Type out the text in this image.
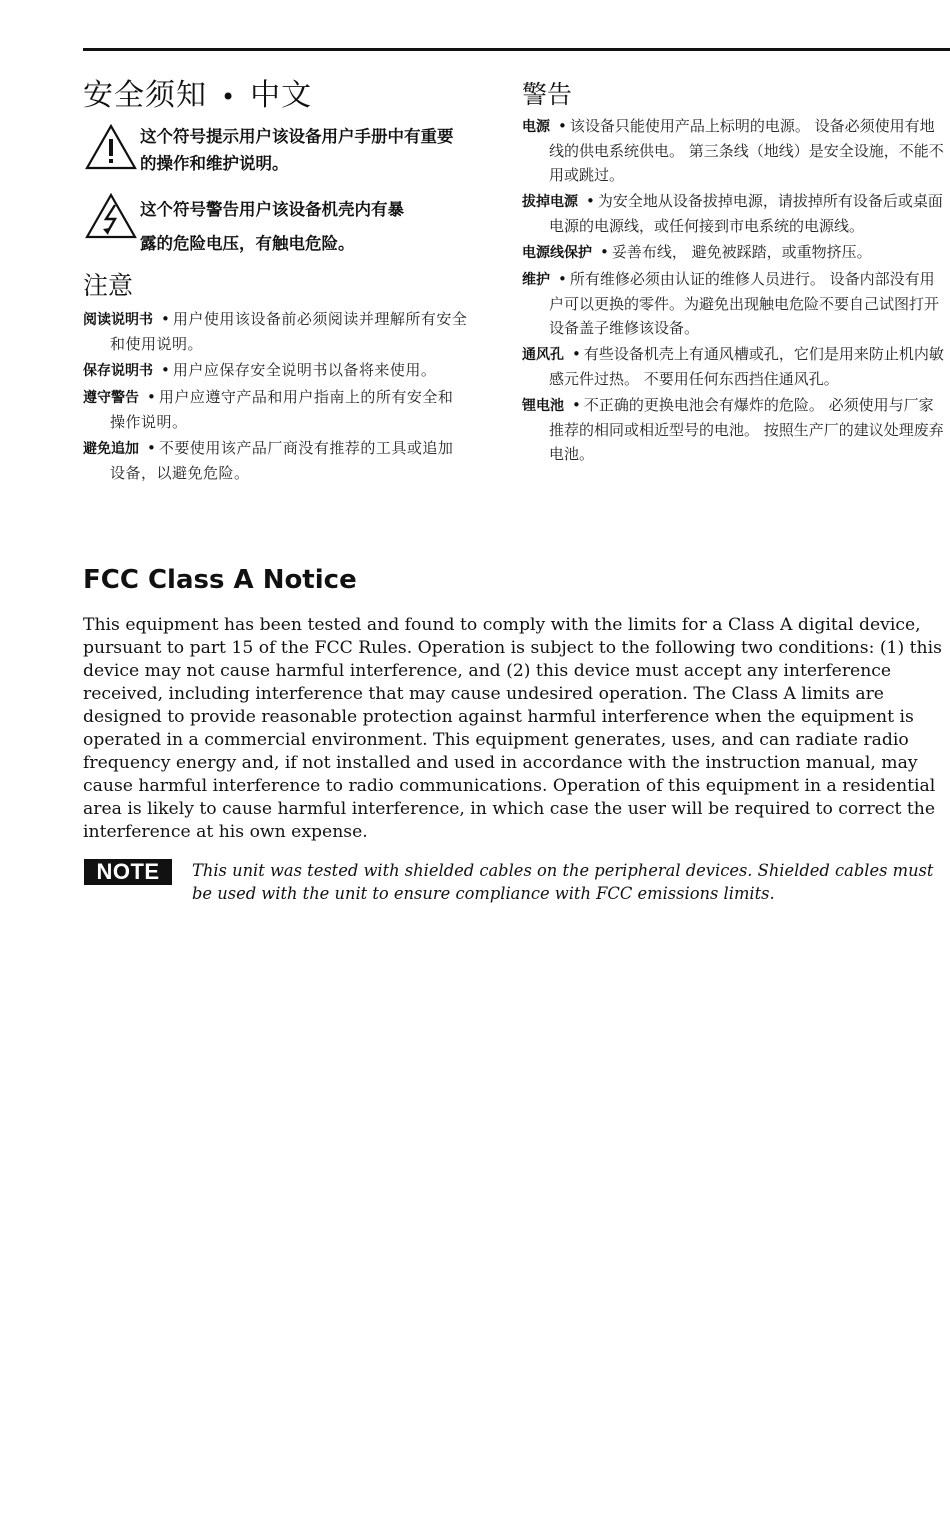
安全须知 • 中文
这个符号提示用户该设备用户手册中有重要的操作和维护说明。
这个符号警告用户该设备机壳内有暴
露的危险电压，有触电危险。
注意
阅读说明书 • 用户使用该设备前必须阅读并理解所有安全和使用说明。
保存说明书 • 用户应保存安全说明书以备将来使用。
遵守警告 • 用户应遵守产品和用户指南上的所有安全和操作说明。
避免追加 • 不要使用该产品厂商没有推荐的工具或追加设备，以避免危险。
警告
电源 • 该设备只能使用产品上标明的电源。 设备必须使用有地线的供电系统供电。 第三条线（地线）是安全设施，不能不用或跳过。
拔掉电源 • 为安全地从设备拔掉电源，请拔掉所有设备后或桌面电源的电源线，或任何接到市电系统的电源线。
电源线保护 • 妥善布线， 避免被踩踏，或重物挤压。
维护 • 所有维修必须由认证的维修人员进行。 设备内部没有用户可以更换的零件。为避免出现触电危险不要自己试图打开设备盖子维修该设备。
通风孔 • 有些设备机壳上有通风槽或孔，它们是用来防止机内敏感元件过热。 不要用任何东西挡住通风孔。
锂电池 • 不正确的更换电池会有爆炸的危险。 必须使用与厂家推荐的相同或相近型号的电池。 按照生产厂的建议处理废弃电池。
FCC Class A Notice

This equipment has been tested and found to comply with the limits for a Class A digital device, pursuant to part 15 of the FCC Rules. Operation is subject to the following two conditions: (1) this device may not cause harmful interference, and (2) this device must accept any interference received, including interference that may cause undesired operation. The Class A limits are designed to provide reasonable protection against harmful interference when the equipment is operated in a commercial environment. This equipment generates, uses, and can radiate radio frequency energy and, if not installed and used in accordance with the instruction manual, may cause harmful interference to radio communications. Operation of this equipment in a residential area is likely to cause harmful interference, in which case the user will be required to correct the interference at his own expense.

NOTE	This unit was tested with shielded cables on the peripheral devices. Shielded cables must be used with the unit to ensure compliance with FCC emissions limits.
